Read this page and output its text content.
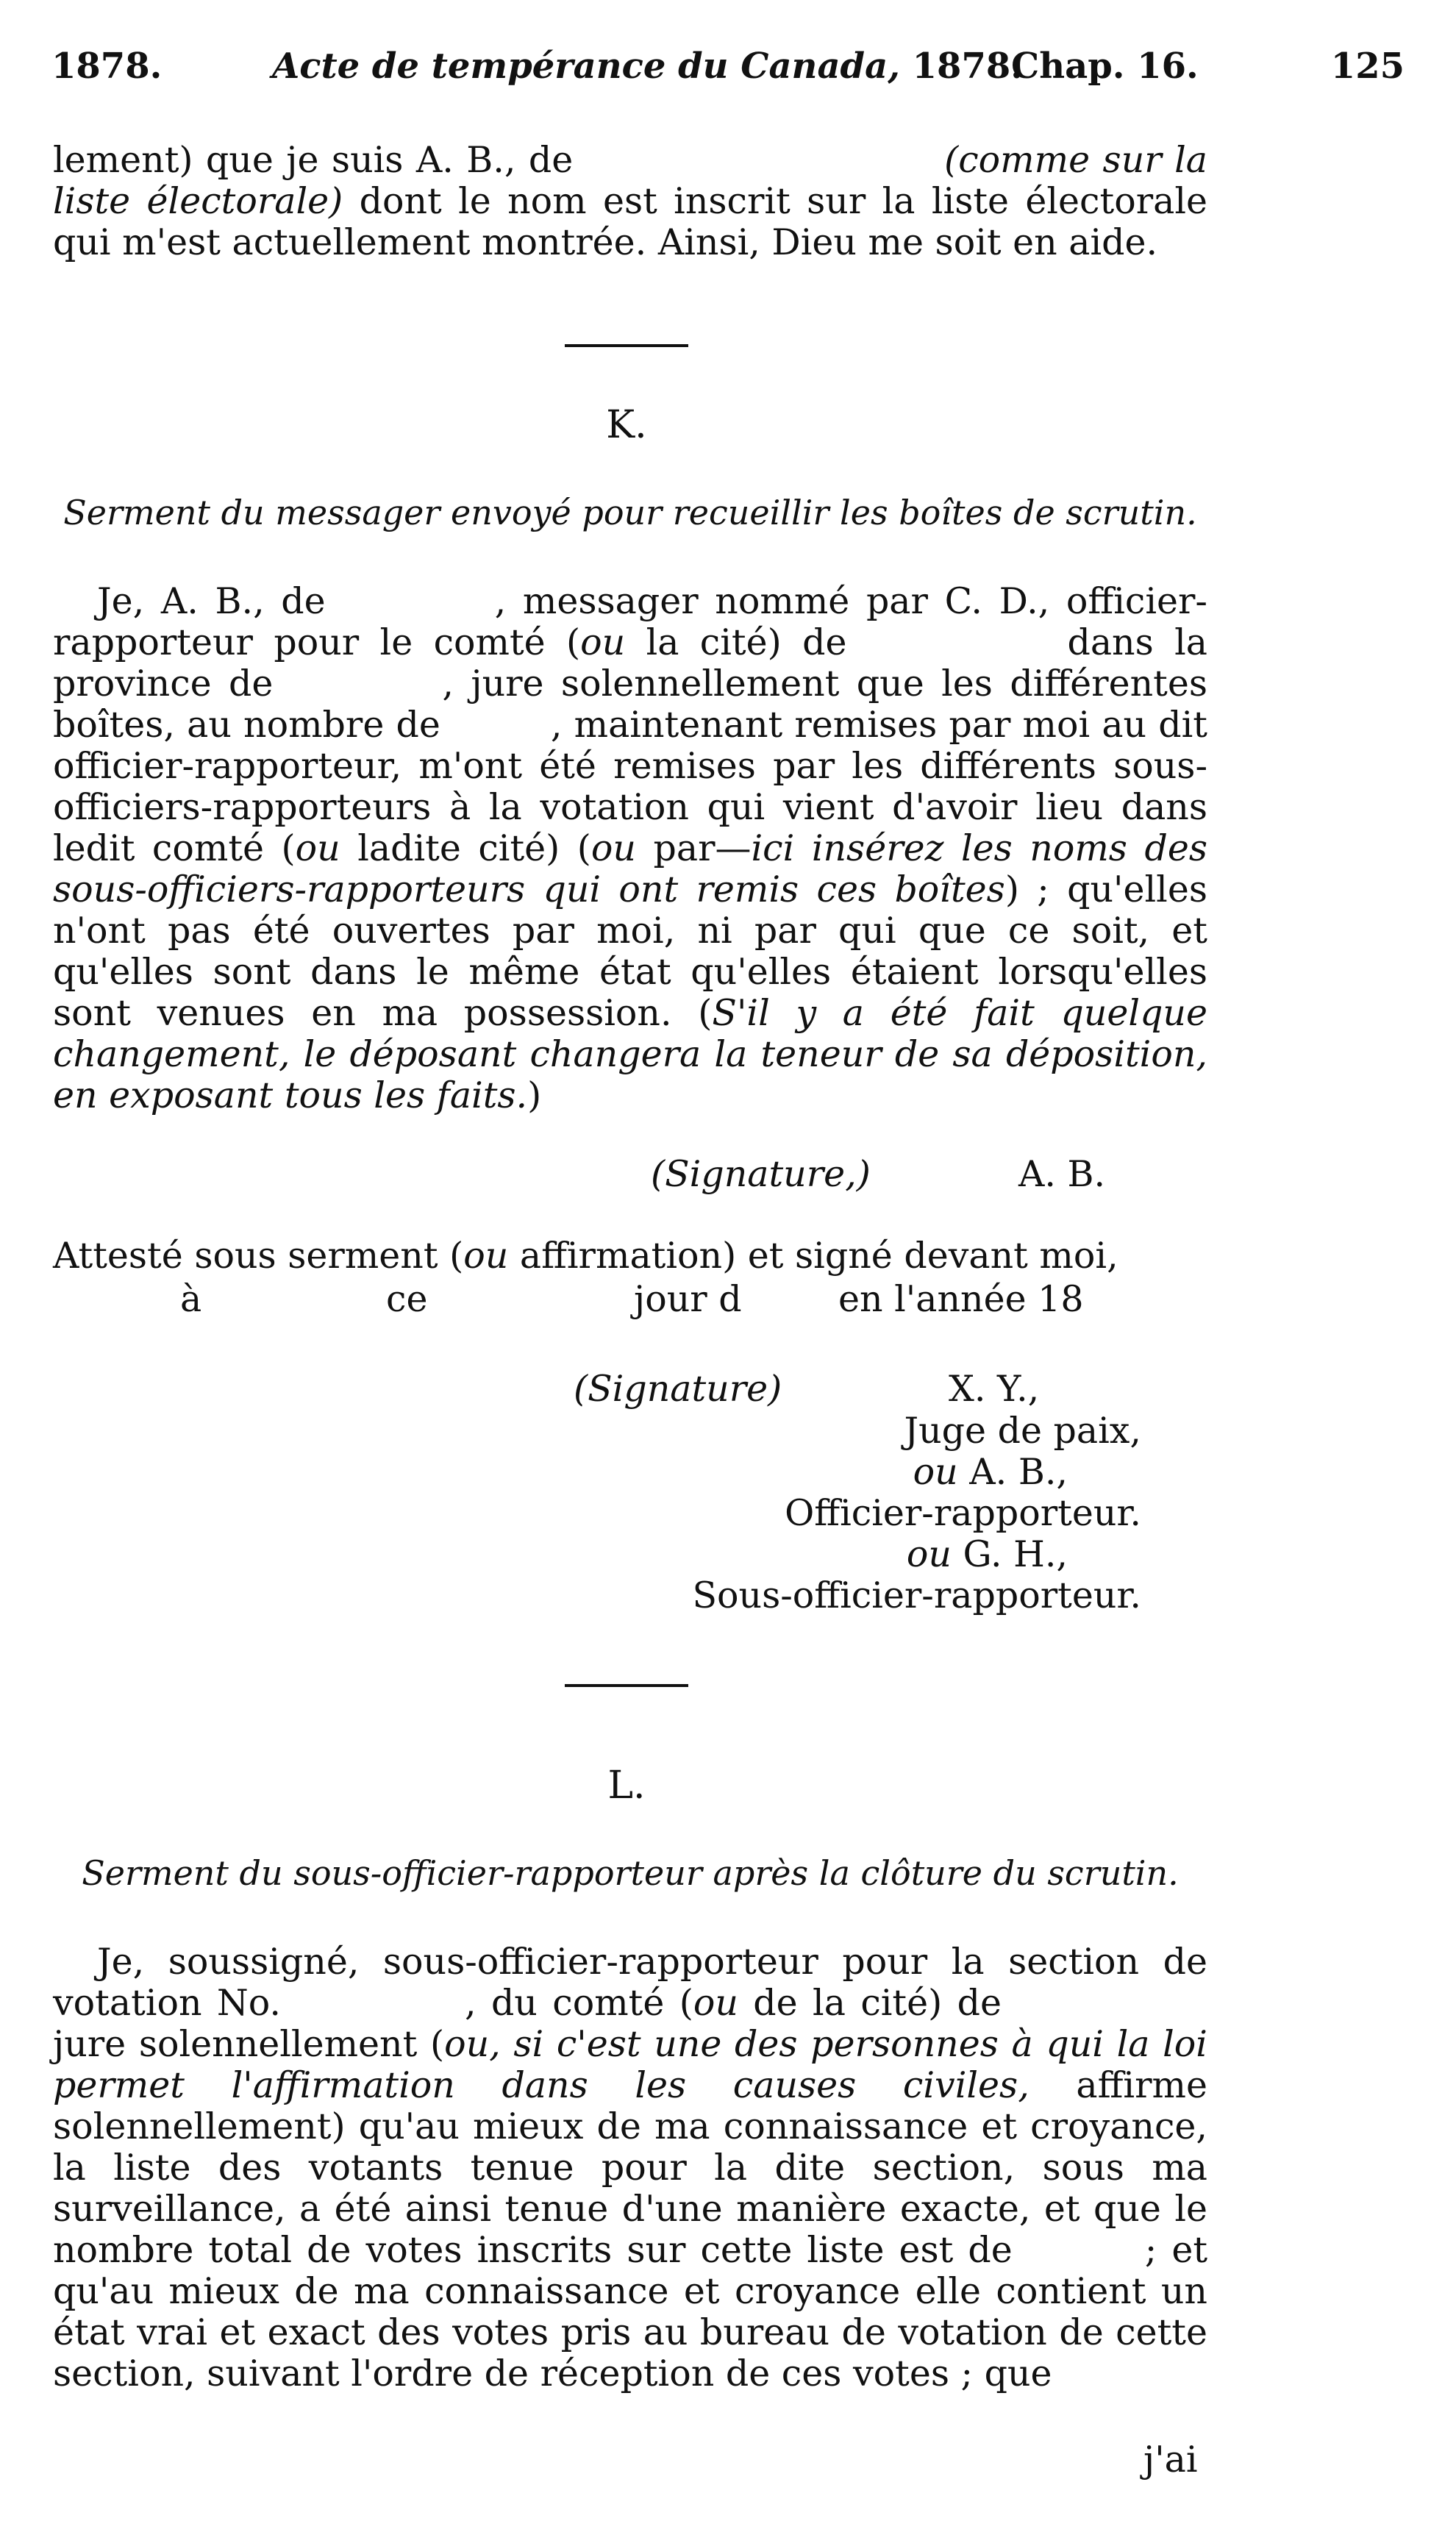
1878.	Acte de tempérance du Canada, 1878.
Chap. 16.	125

lement) que je suis A. B., de	(comme sur la liste électorale) dont le nom est inscrit sur la liste électorale qui m'est actuellement montrée. Ainsi, Dieu me soit en aide.

K.
Serment du messager envoyé pour recueillir les boîtes de scrutin.

Je, A. B., de	, messager nommé par C. D., officier-rapporteur pour le comté (ou la cité) de	dans la province de	, jure solennellement que les différentes boîtes, au nombre de	, maintenant remises par moi au dit officier-rapporteur, m'ont été remises par les différents sous-officiers-rapporteurs à la votation qui vient d'avoir lieu dans ledit comté (ou ladite cité) (ou par—ici insérez les noms des sous-officiers-rapporteurs qui ont remis ces boîtes) ; qu'elles n'ont pas été ouvertes par moi, ni par qui que ce soit, et qu'elles sont dans le même état qu'elles étaient lorsqu'elles sont venues en ma possession. (S'il y a été fait quelque changement, le déposant changera la teneur de sa déposition, en exposant tous les faits.)

(Signature,)	A. B.

Attesté sous serment (ou affirmation) et signé devant moi,

à	ce	jour d	en l'année 18
(Signature)	X. Y.,
Juge de paix,
ou A. B.,
Officier-rapporteur.
ou G. H.,
Sous-officier-rapporteur.
L.
Serment du sous-officier-rapporteur après la clôture du scrutin.

Je, soussigné, sous-officier-rapporteur pour la section de votation No.	, du comté (ou de la cité) dejure solennellement (ou, si c'est une des personnes à qui la loi permet l'affirmation dans les causes civiles, affirme solennellement) qu'au mieux de ma connaissance et croyance, la liste des votants tenue pour la dite section, sous ma surveillance, a été ainsi tenue d'une manière exacte, et que le nombre total de votes inscrits sur cette liste est de	; et qu'au mieux de ma connaissance et croyance elle contient un état vrai et exact des votes pris au bureau de votation de cette section, suivant l'ordre de réception de ces votes ; que

j'ai
